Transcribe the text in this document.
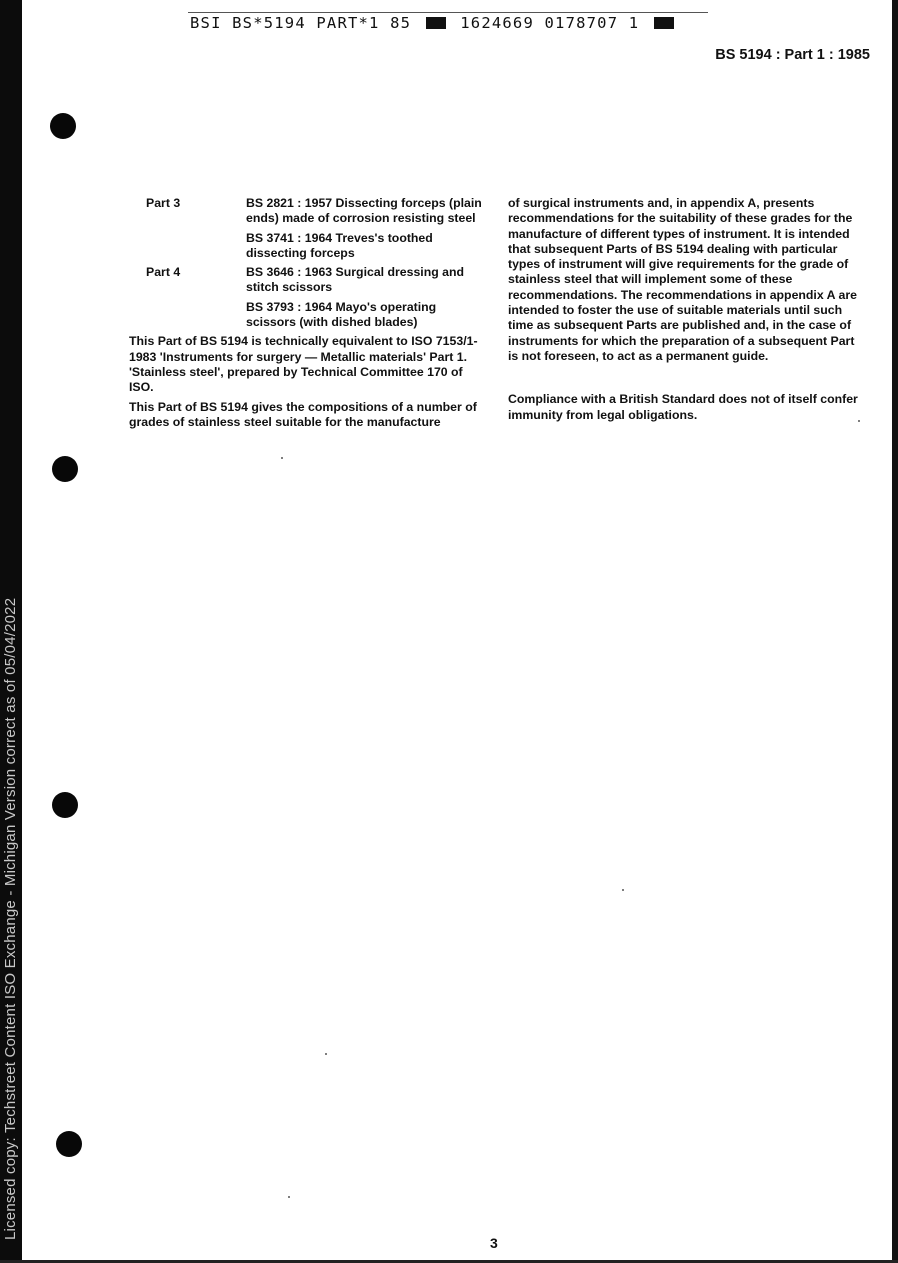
Licensed copy: Techstreet Content ISO Exchange - Michigan Version correct as of 05/04/2022
BSI BS*5194 PART*1 85	1624669 0178707 1
BS 5194 : Part 1 : 1985
Part 3	BS 2821 : 1957 Dissecting forceps (plain ends) made of corrosion resisting steel
BS 3741 : 1964 Treves's toothed dissecting forceps
Part 4	BS 3646 : 1963 Surgical dressing and stitch scissors
BS 3793 : 1964 Mayo's operating scissors (with dished blades)

This Part of BS 5194 is technically equivalent to ISO 7153/1-1983 'Instruments for surgery — Metallic materials' Part 1. 'Stainless steel', prepared by Technical Committee 170 of ISO.

This Part of BS 5194 gives the compositions of a number of grades of stainless steel suitable for the manufacture

of surgical instruments and, in appendix A, presents recommendations for the suitability of these grades for the manufacture of different types of instrument. It is intended that subsequent Parts of BS 5194 dealing with particular types of instrument will give requirements for the grade of stainless steel that will implement some of these recommendations. The recommendations in appendix A are intended to foster the use of suitable materials until such time as subsequent Parts are published and, in the case of instruments for which the preparation of a subsequent Part is not foreseen, to act as a permanent guide.

Compliance with a British Standard does not of itself confer immunity from legal obligations.

3
